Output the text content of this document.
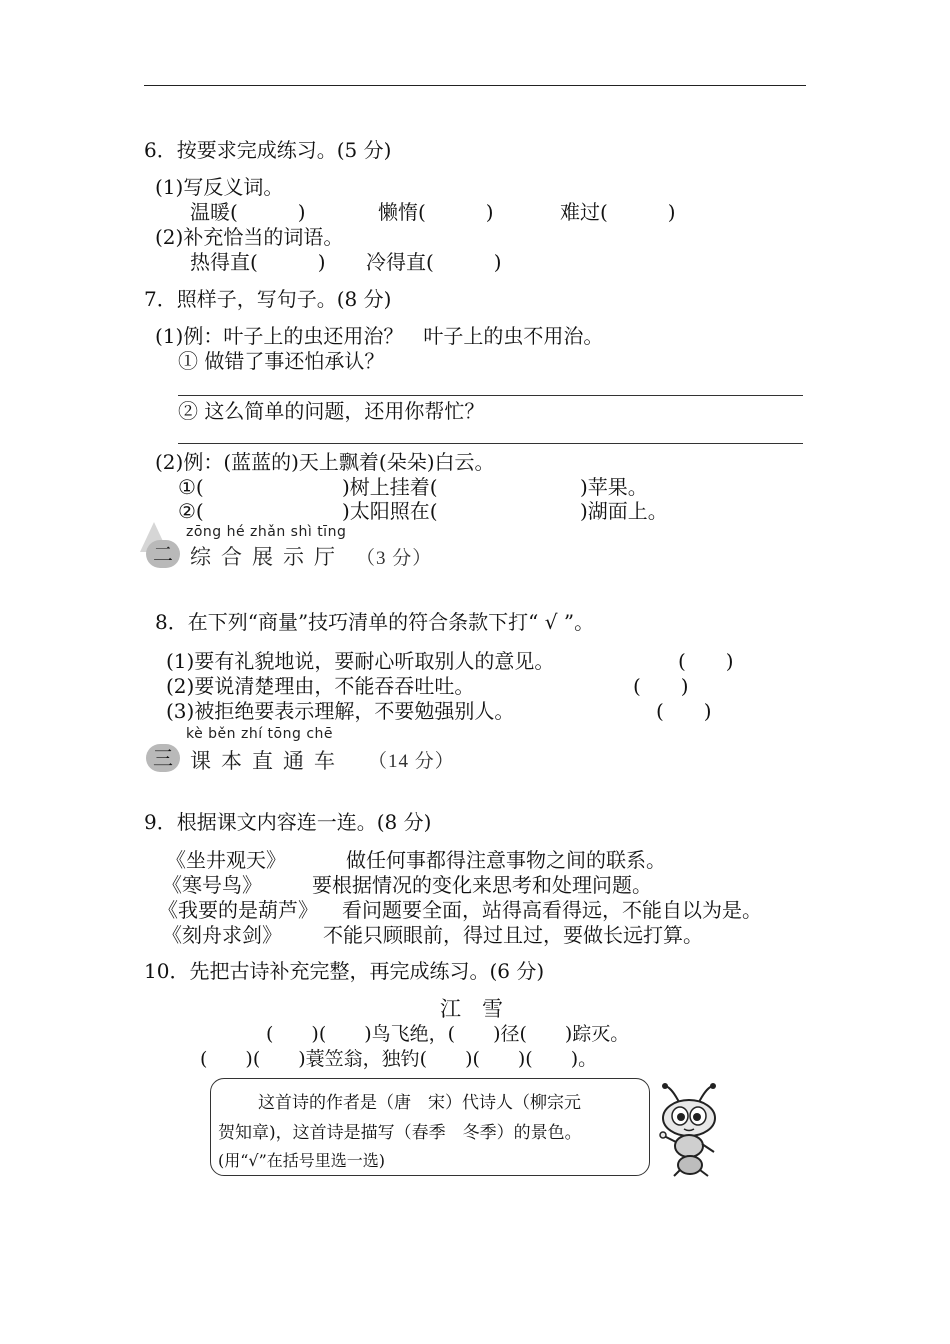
6．按要求完成练习。(5 分)
(1)写反义词。
温暖(　　　)	懒惰(　　　)	难过(　　　)
(2)补充恰当的词语。
热得直(　　　) 冷得直(　　　)
7．照样子，写句子。(8 分)
(1)例：叶子上的虫还用治？　叶子上的虫不用治。
① 做错了事还怕承认？
② 这么简单的问题，还用你帮忙？
(2)例：(蓝蓝的)天上飘着(朵朵)白云。
①(	)树上挂着(	)苹果。
②(	)太阳照在(	)湖面上。
zōng hé zhǎn shì tīng
二 综合展示厅 （3 分）
8．在下列“商量”技巧清单的符合条款下打“ √ ”。
(1)要有礼貌地说，要耐心听取别人的意见。	(　　)
(2)要说清楚理由，不能吞吞吐吐。	(　　)
(3)被拒绝要表示理解，不要勉强别人。	(　　)
kè běn zhí tōng chē
三 课本直通车 （14 分）
9．根据课文内容连一连。(8 分)
《坐井观天》	做任何事都得注意事物之间的联系。
《寒号鸟》	要根据情况的变化来思考和处理问题。
《我要的是葫芦》 看问题要全面，站得高看得远，不能自以为是。
《刻舟求剑》 不能只顾眼前，得过且过，要做长远打算。
10．先把古诗补充完整，再完成练习。(6 分)
江　雪
(　　)(　　)鸟飞绝，(　　)径(　　)踪灭。
(　　)(　　)蓑笠翁，独钓(　　)(　　)(　　)。
这首诗的作者是（唐　宋）代诗人（柳宗元
贺知章)，这首诗是描写（春季　冬季）的景色。
(用“√”在括号里选一选)
